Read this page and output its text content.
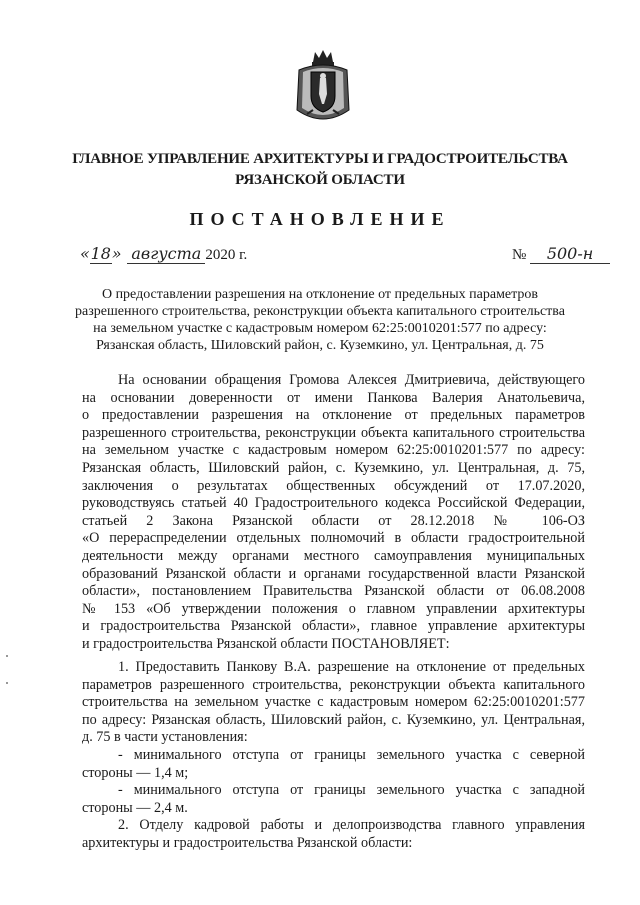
ГЛАВНОЕ УПРАВЛЕНИЕ АРХИТЕКТУРЫ И ГРАДОСТРОИТЕЛЬСТВА
РЯЗАНСКОЙ ОБЛАСТИ
ПОСТАНОВЛЕНИЕ
«18» августа 2020 г.	№ 500-н
О предоставлении разрешения на отклонение от предельных параметров
разрешенного строительства, реконструкции объекта капитального строительства
на земельном участке с кадастровым номером 62:25:0010201:577 по адресу:
Рязанская область, Шиловский район, с. Куземкино, ул. Центральная, д. 75
На основании обращения Громова Алексея Дмитриевича, действующего
на основании доверенности от имени Панкова Валерия Анатольевича,
о предоставлении разрешения на отклонение от предельных параметров
разрешенного строительства, реконструкции объекта капитального строительства
на земельном участке с кадастровым номером 62:25:0010201:577 по адресу:
Рязанская область, Шиловский район, с. Куземкино, ул. Центральная, д. 75,
заключения о результатах общественных обсуждений от 17.07.2020,
руководствуясь статьей 40 Градостроительного кодекса Российской Федерации,
статьей 2 Закона Рязанской области от 28.12.2018 № 106-ОЗ
«О перераспределении отдельных полномочий в области градостроительной
деятельности между органами местного самоуправления муниципальных
образований Рязанской области и органами государственной власти Рязанской
области», постановлением Правительства Рязанской области от 06.08.2008
№ 153 «Об утверждении положения о главном управлении архитектуры
и градостроительства Рязанской области», главное управление архитектуры
и градостроительства Рязанской области ПОСТАНОВЛЯЕТ:
1. Предоставить Панкову В.А. разрешение на отклонение от предельных
параметров разрешенного строительства, реконструкции объекта капитального
строительства на земельном участке с кадастровым номером 62:25:0010201:577
по адресу: Рязанская область, Шиловский район, с. Куземкино, ул. Центральная,
д. 75 в части установления:
- минимального отступа от границы земельного участка с северной
стороны — 1,4 м;
- минимального отступа от границы земельного участка с западной
стороны — 2,4 м.
2. Отделу кадровой работы и делопроизводства главного управления
архитектуры и градостроительства Рязанской области:
